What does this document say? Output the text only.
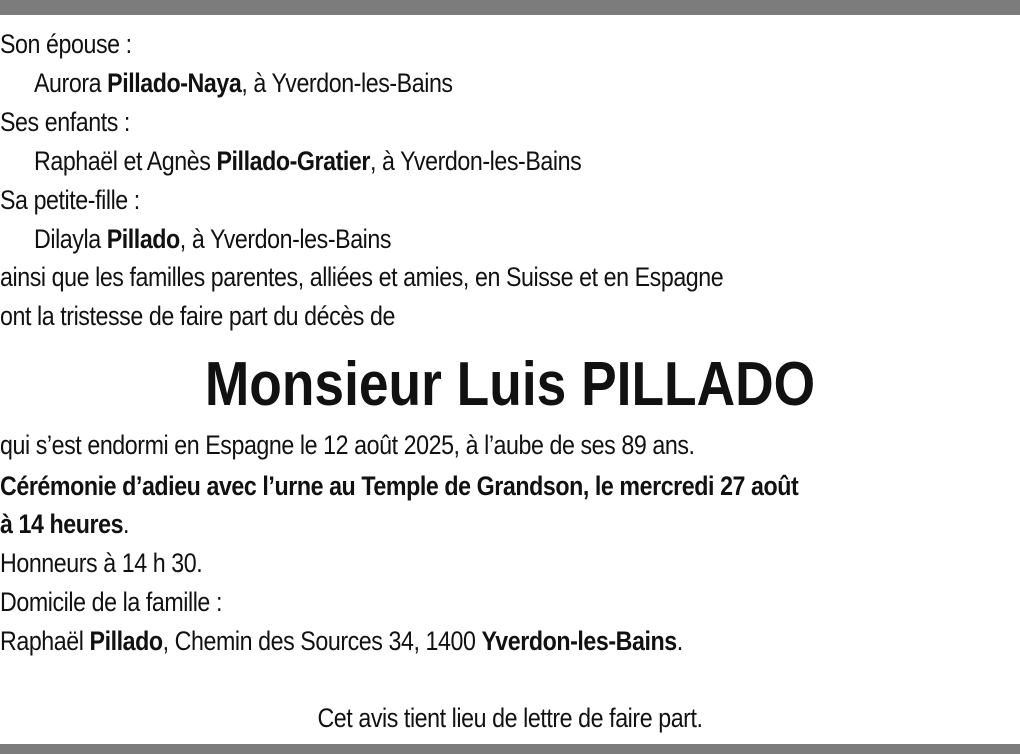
Son épouse :
Aurora Pillado-Naya, à Yverdon-les-Bains
Ses enfants :
Raphaël et Agnès Pillado-Gratier, à Yverdon-les-Bains
Sa petite-fille :
Dilayla Pillado, à Yverdon-les-Bains
ainsi que les familles parentes, alliées et amies, en Suisse et en Espagne
ont la tristesse de faire part du décès de
Monsieur Luis PILLADO
qui s’est endormi en Espagne le 12 août 2025, à l’aube de ses 89 ans.
Cérémonie d’adieu avec l’urne au Temple de Grandson, le mercredi 27 août
à 14 heures.
Honneurs à 14 h 30.
Domicile de la famille :
Raphaël Pillado, Chemin des Sources 34, 1400 Yverdon-les-Bains.
Cet avis tient lieu de lettre de faire part.
